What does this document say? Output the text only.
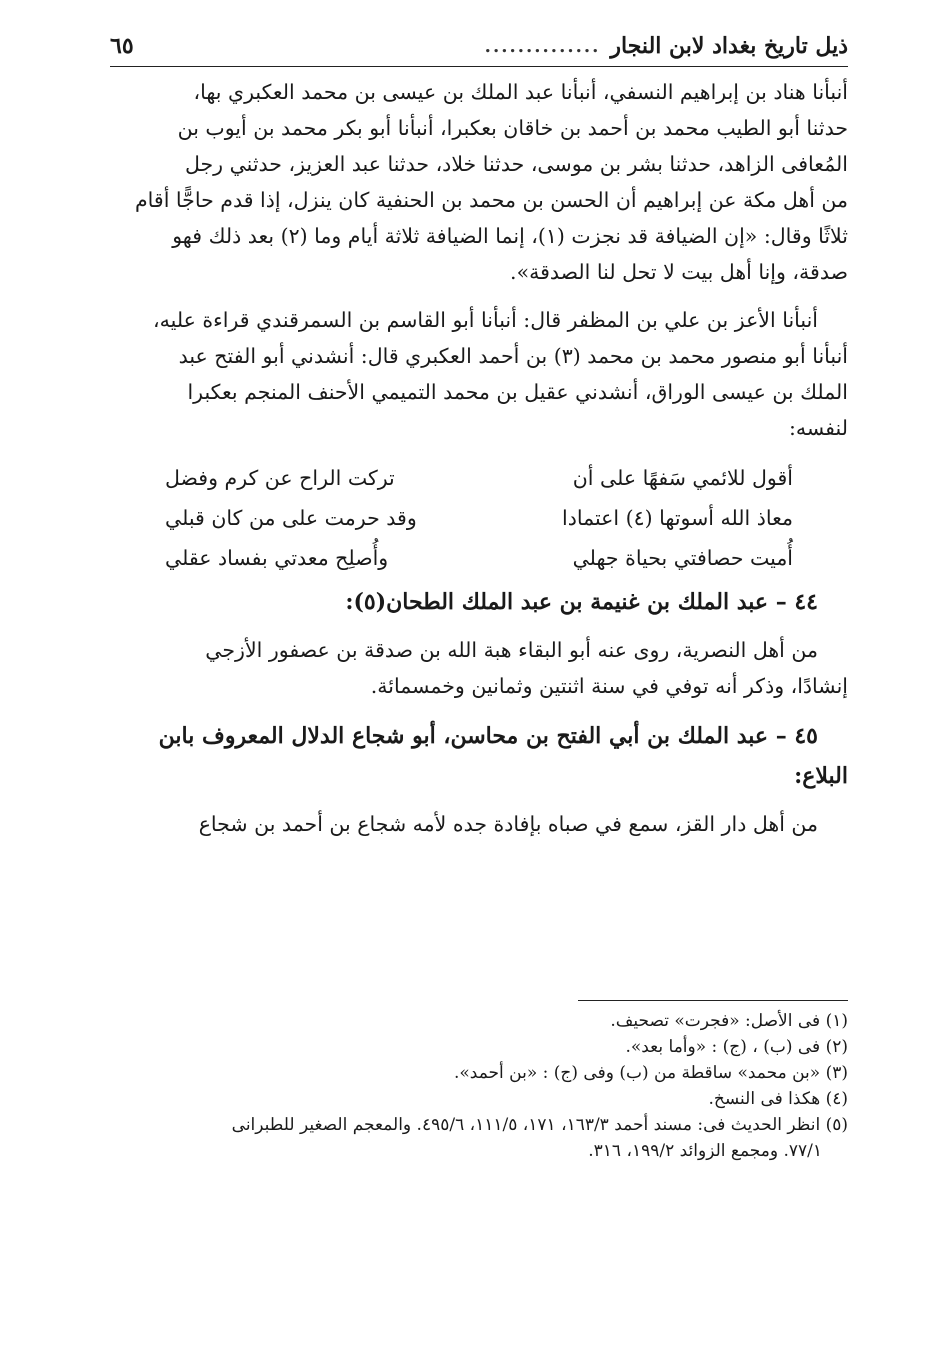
ذيل تاريخ بغداد لابن النجار
..............
٦٥
أنبأنا هناد بن إبراهيم النسفي، أنبأنا عبد الملك بن عيسى بن محمد العكبري بها،
حدثنا أبو الطيب محمد بن أحمد بن خاقان بعكبرا، أنبأنا أبو بكر محمد بن أيوب بن
المُعافى الزاهد، حدثنا بشر بن موسى، حدثنا خلاد، حدثنا عبد العزيز، حدثني رجل
من أهل مكة عن إبراهيم أن الحسن بن محمد بن الحنفية كان ينزل، إذا قدم حاجًّا أقام
ثلاثًا وقال: «إن الضيافة قد نجزت (١)، إنما الضيافة ثلاثة أيام وما (٢) بعد ذلك فهو
صدقة، وإنا أهل بيت لا تحل لنا الصدقة».
أنبأنا الأعز بن علي بن المظفر قال: أنبأنا أبو القاسم بن السمرقندي قراءة عليه،
أنبأنا أبو منصور محمد بن محمد (٣) بن أحمد العكبري قال: أنشدني أبو الفتح عبد
الملك بن عيسى الوراق، أنشدني عقيل بن محمد التميمي الأحنف المنجم بعكبرا
لنفسه:
أقول للائمي سَفهًا على أن
تركت الراح عن كرم وفضل
معاذ الله أسوتها (٤) اعتمادا
وقد حرمت على من كان قبلي
أُميت حصافتي بحياة جهلي
وأُصلِح معدتي بفساد عقلي
٤٤ – عبد الملك بن غنيمة بن عبد الملك الطحان(٥):
من أهل النصرية، روى عنه أبو البقاء هبة الله بن صدقة بن عصفور الأزجي
إنشادًا، وذكر أنه توفي في سنة اثنتين وثمانين وخمسمائة.
٤٥ – عبد الملك بن أبي الفتح بن محاسن، أبو شجاع الدلال المعروف بابن
البلاع:
من أهل دار القز، سمع في صباه بإفادة جده لأمه شجاع بن أحمد بن شجاع
(١) فى الأصل: «فجرت» تصحيف.
(٢) فى (ب) ، (ج) : «وأما بعد».
(٣) «بن محمد» ساقطة من (ب) وفى (ج) : «بن أحمد».
(٤) هكذا فى النسخ.
(٥) انظر الحديث فى: مسند أحمد ١٦٣/٣، ١٧١، ١١١/٥، ٤٩٥/٦. والمعجم الصغير للطبرانى
٧٧/١. ومجمع الزوائد ١٩٩/٢، ٣١٦.
